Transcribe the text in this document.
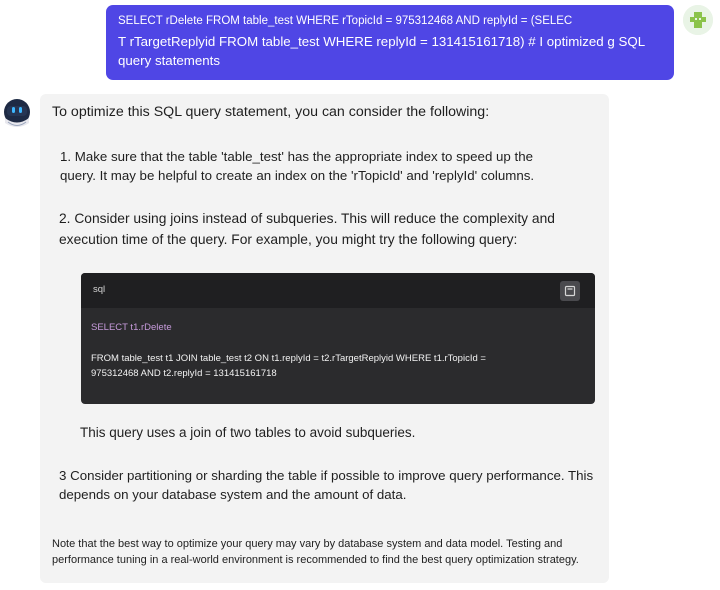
SELECT rDelete FROM table_test WHERE rTopicId = 975312468 AND replyId = (SELEC
T rTargetReplyid FROM table_test WHERE replyId = 131415161718) # I optimized g SQL query statements

To optimize this SQL query statement, you can consider the following:

1. Make sure that the table 'table_test' has the appropriate index to speed up the query. It may be helpful to create an index on the 'rTopicId' and 'replyId' columns.

2. Consider using joins instead of subqueries. This will reduce the complexity and execution time of the query. For example, you might try the following query:

sql
SELECT t1.rDelete
FROM table_test t1 JOIN table_test t2 ON t1.replyId = t2.rTargetReplyid WHERE t1.rTopicId = 975312468 AND t2.replyId = 131415161718

This query uses a join of two tables to avoid subqueries.

3 Consider partitioning or sharding the table if possible to improve query performance. This depends on your database system and the amount of data.

Note that the best way to optimize your query may vary by database system and data model. Testing and performance tuning in a real-world environment is recommended to find the best query optimization strategy.
